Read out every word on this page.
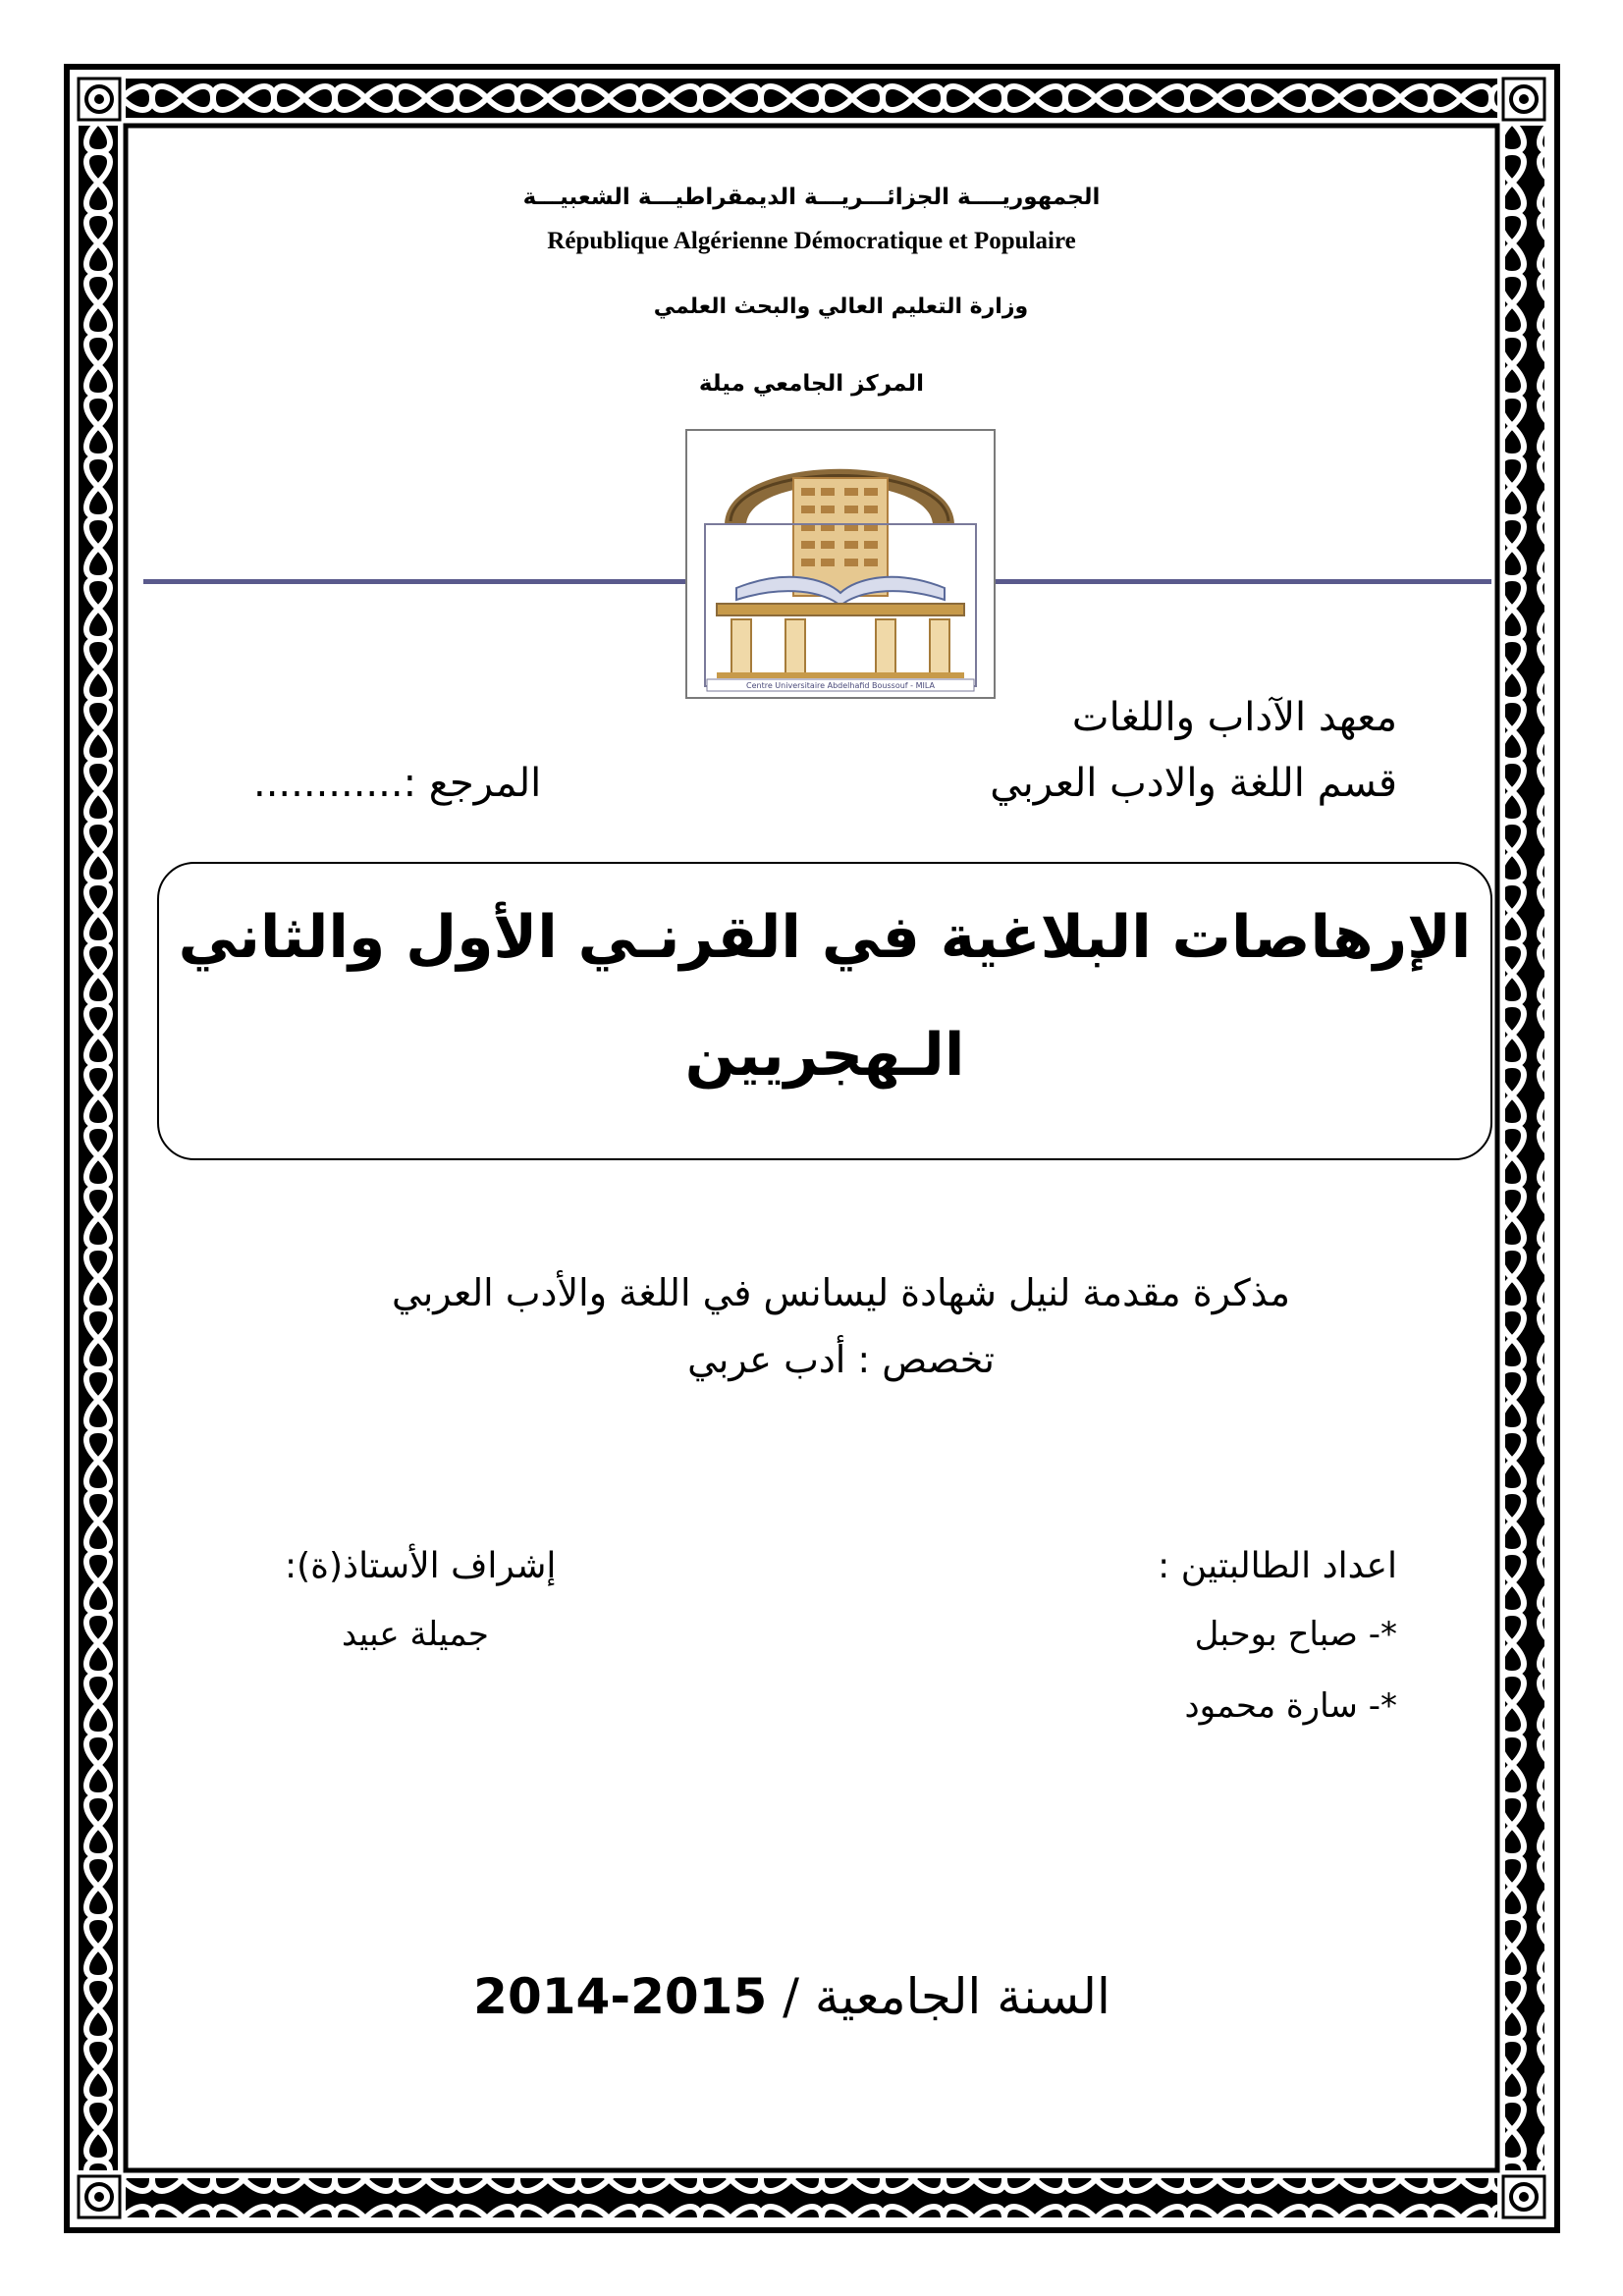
الجمهوريــــة الجزائـــريـــة الديمقراطيـــة الشعبيـــة
République Algérienne Démocratique et Populaire
وزارة التعليم العالي والبحث العلمي
المركز الجامعي ميلة
Centre Universitaire Abdelhafid Boussouf - MILA
معهد الآداب واللغات
قسم اللغة والادب العربي
المرجع :............
الإرهاصات البلاغية في القرنـي الأول والثاني
الـهجريين
مذكرة مقدمة لنيل شهادة ليسانس في اللغة والأدب العربي
تخصص : أدب عربي
اعداد الطالبتين :
*- صباح بوحبل
*- سارة محمود
إشراف الأستاذ(ة):
جميلة عبيد
السنة الجامعية / 2014-2015
